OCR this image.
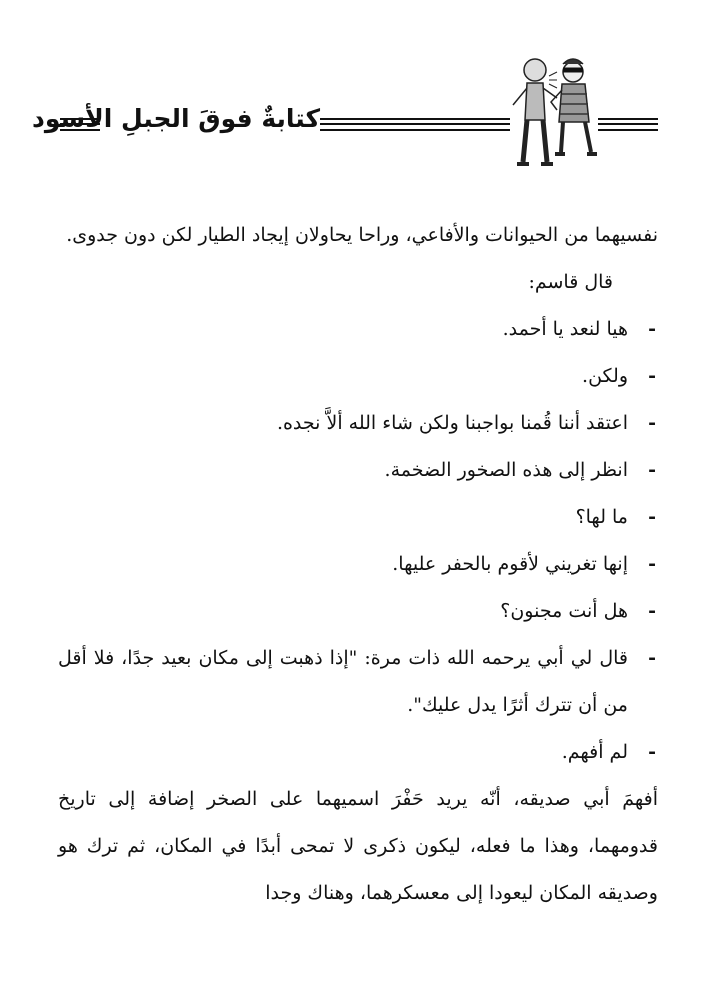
كتابةٌ فوقَ الجبلِ الأسود

نفسيهما من الحيوانات والأفاعي، وراحا يحاولان إيجاد الطيار لكن دون جدوى.

قال قاسم:

-
هيا لنعد يا أحمد.
-
ولكن.
-
اعتقد أننا قُمنا بواجبنا ولكن شاء الله ألاَّ نجده.
-
انظر إلى هذه الصخور الضخمة.
-
ما لها؟
-
إنها تغريني لأقوم بالحفر عليها.
-
هل أنت مجنون؟
-
قال لي أبي يرحمه الله ذات مرة: "إذا ذهبت إلى مكان بعيد جدًا، فلا أقل من أن تترك أثرًا يدل عليك".
-
لم أفهم.

أفهمَ أبي صديقه، أنّه يريد حَفْرَ اسميهما على الصخر إضافة إلى تاريخ قدومهما، وهذا ما فعله، ليكون ذكرى لا تمحى أبدًا في المكان، ثم ترك هو وصديقه المكان ليعودا إلى معسكرهما، وهناك وجدا
